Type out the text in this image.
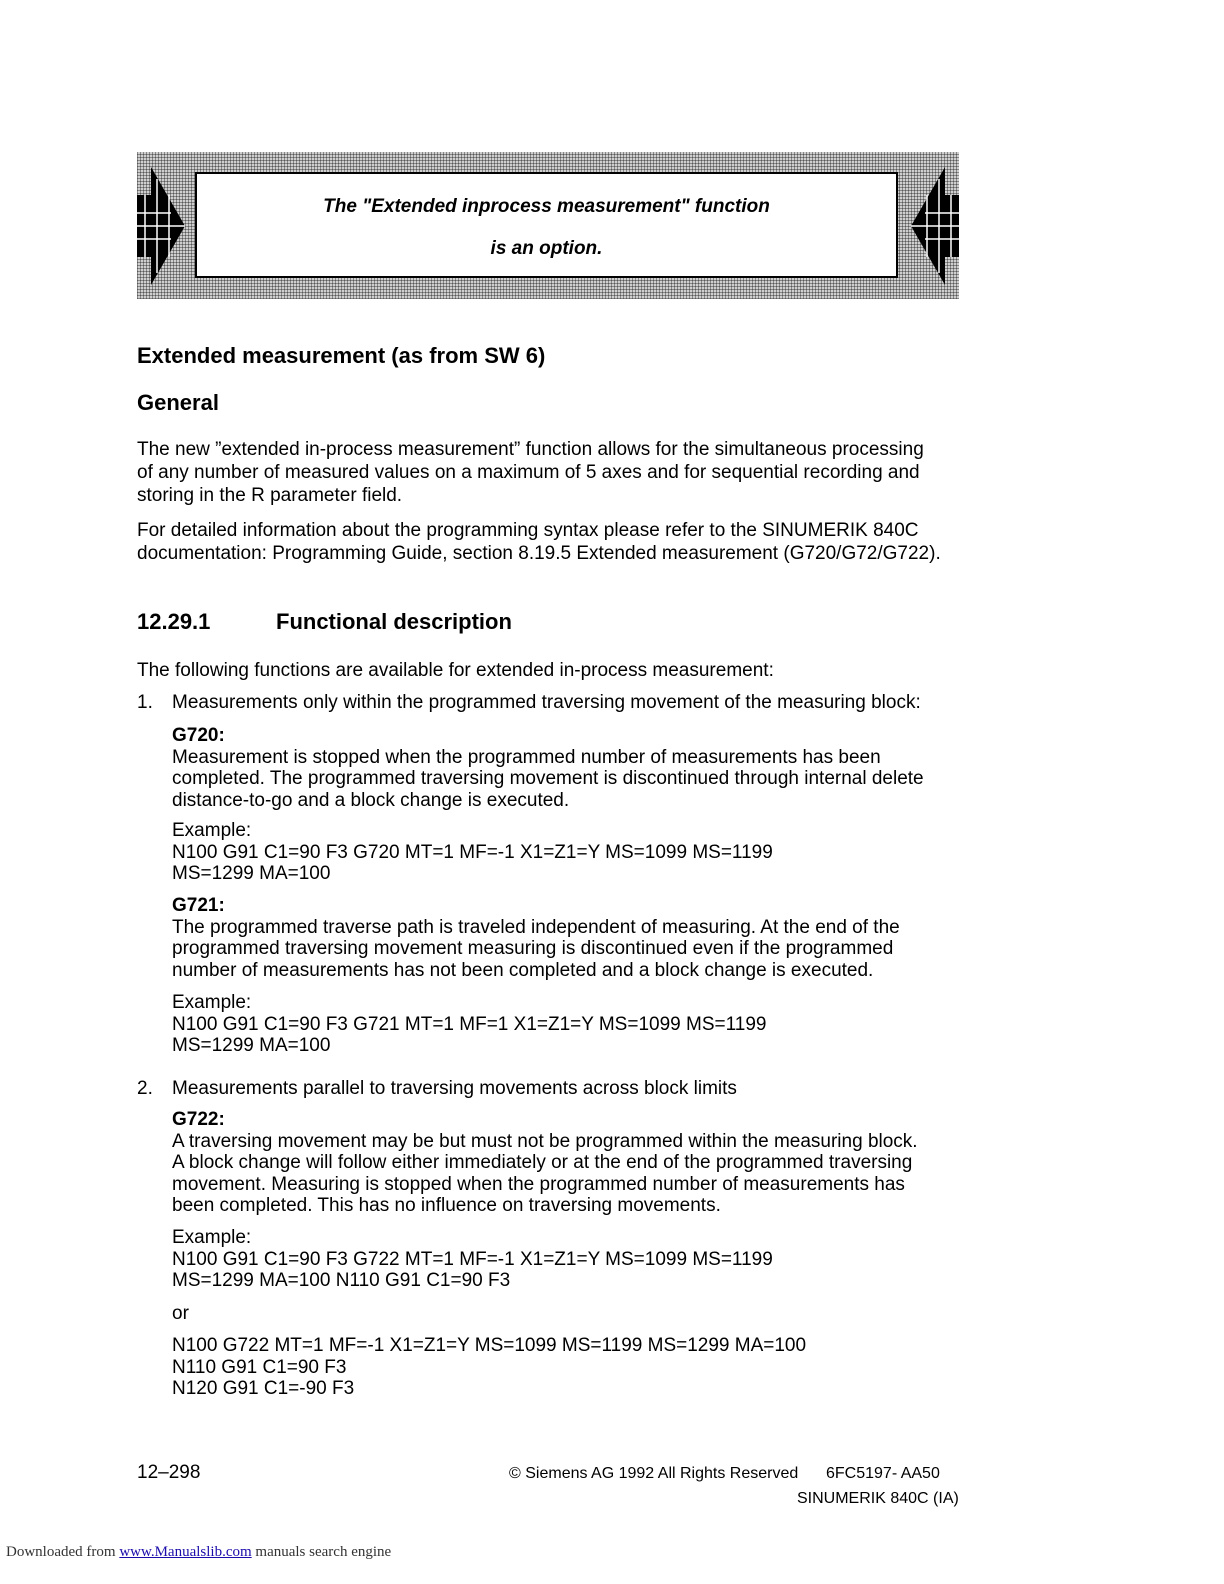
The "Extended inprocess measurement" function
is an option.
Extended measurement (as from SW 6)
General
The new ”extended in-process measurement” function allows for the simultaneous processing
of any number of measured values on a maximum of 5 axes and for sequential recording and
storing in the R parameter field.
For detailed information about the programming syntax please refer to the SINUMERIK 840C
documentation: Programming Guide, section 8.19.5 Extended measurement (G720/G72/G722).
12.29.1	Functional description
The following functions are available for extended in-process measurement:
1. Measurements only within the programmed traversing movement of the measuring block:
G720:
Measurement is stopped when the programmed number of measurements has been
completed. The programmed traversing movement is discontinued through internal delete
distance-to-go and a block change is executed.
Example:
N100 G91 C1=90 F3 G720 MT=1 MF=-1 X1=Z1=Y MS=1099 MS=1199
MS=1299 MA=100
G721:
The programmed traverse path is traveled independent of measuring. At the end of the
programmed traversing movement measuring is discontinued even if the programmed
number of measurements has not been completed and a block change is executed.
Example:
N100 G91 C1=90 F3 G721 MT=1 MF=1 X1=Z1=Y MS=1099 MS=1199
MS=1299 MA=100
2. Measurements parallel to traversing movements across block limits
G722:
A traversing movement may be but must not be programmed within the measuring block.
A block change will follow either immediately or at the end of the programmed traversing
movement. Measuring is stopped when the programmed number of measurements has
been completed. This has no influence on traversing movements.
Example:
N100 G91 C1=90 F3 G722 MT=1 MF=-1 X1=Z1=Y MS=1099 MS=1199
MS=1299 MA=100 N110 G91 C1=90 F3
or
N100 G722 MT=1 MF=-1 X1=Z1=Y MS=1099 MS=1199 MS=1299 MA=100
N110 G91 C1=90 F3
N120 G91 C1=-90 F3
12–298	© Siemens AG 1992 All Rights Reserved 6FC5197- AA50
SINUMERIK 840C (IA)
Downloaded from www.Manualslib.com manuals search engine
